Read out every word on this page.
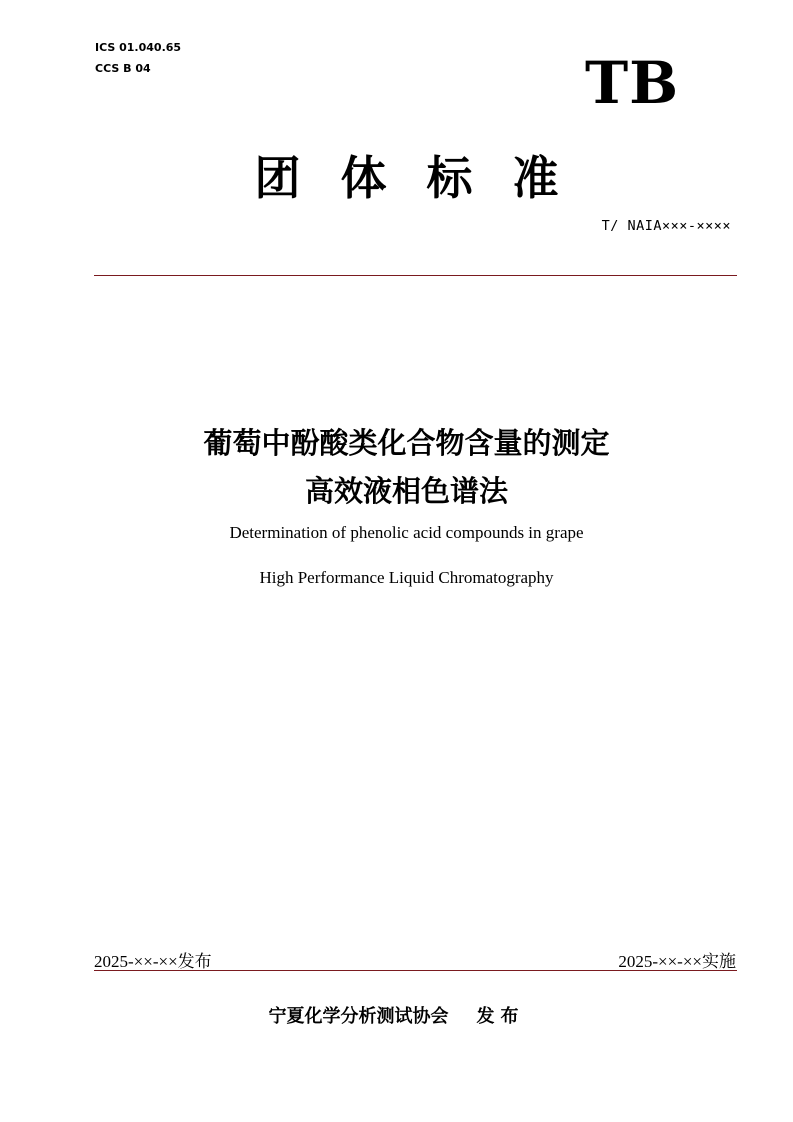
ICS 01.040.65
CCS B 04	TB
团体标准
T/ NAIA×××-××××
葡萄中酚酸类化合物含量的测定
高效液相色谱法
Determination of phenolic acid compounds in grape
High Performance Liquid Chromatography
2025-××-××发布	2025-××-××实施
宁夏化学分析测试协会 发布
